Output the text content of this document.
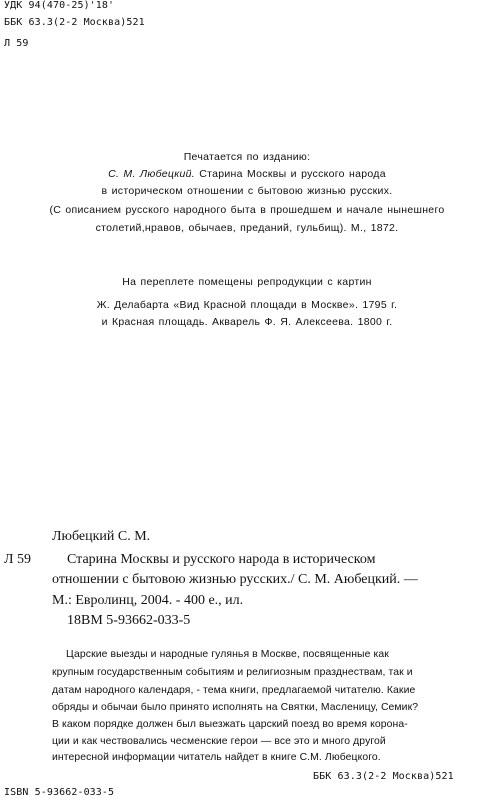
УДК 94(470-25)'18'
ББК 63.3(2-2 Москва)521
Л 59
Печатается по изданию:
С. М. Любецкий. Старина Москвы и русского народа
в историческом отношении с бытовою жизнью русских.
(С описанием русского народного быта в прошедшем и начале нынешнего
столетий,нравов, обычаев, преданий, гульбищ). М., 1872.
На переплете помещены репродукции с картин
Ж. Делабарта «Вид Красной площади в Москве». 1795 г.
и Красная площадь. Акварель Ф. Я. Алексеева. 1800 г.
Любецкий С. М.
Л 59	Старина Москвы и русского народа в историческом
отношении с бытовою жизнью русских./ С. М. Аюбецкий. —
М.: Евролинц, 2004. - 400 е., ил.
18ВМ 5-93662-033-5
Царские выезды и народные гулянья в Москве, посвященные как
крупным государственным событиям и религиозным празднествам, так и
датам народного календаря, - тема книги, предлагаемой читателю. Какие
обряды и обычаи было принято исполнять на Святки, Масленицу, Семик?
В каком порядке должен был выезжать царский поезд во время корона-
ции и как чествовались чесменские герои — все это и много другой
интересной информации читатель найдет в книге С.М. Любецкого.
ББК 63.3(2-2 Москва)521
ISBN 5-93662-033-5
